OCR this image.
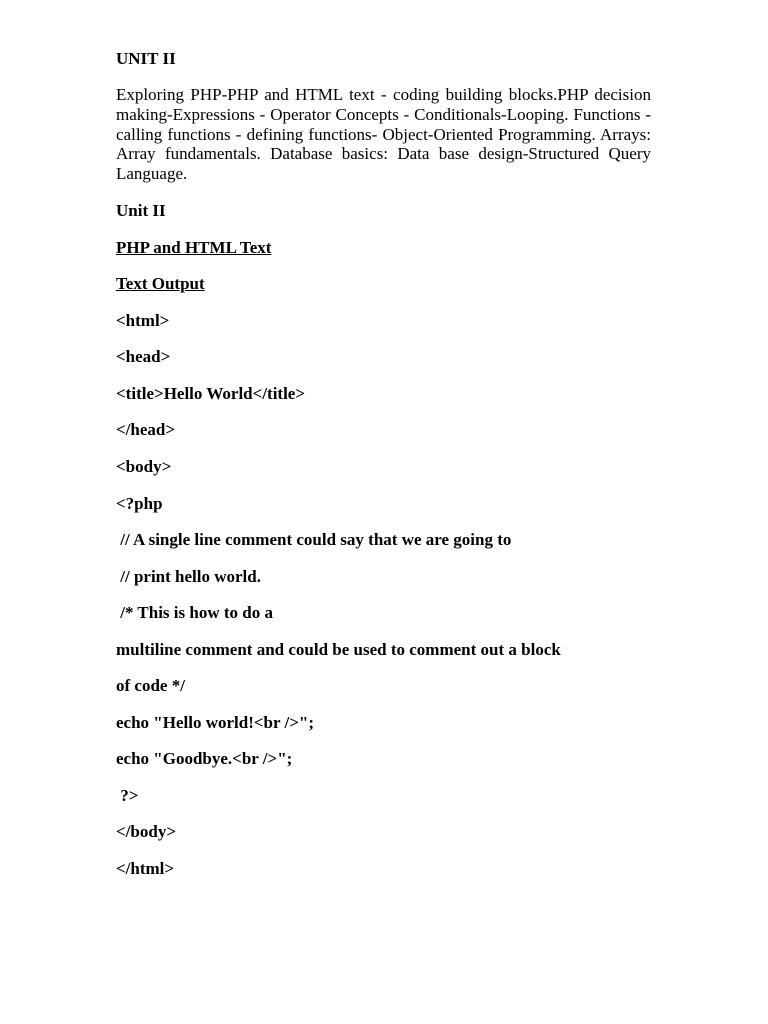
UNIT II

Exploring PHP-PHP and HTML text - coding building blocks.PHP decision making-Expressions - Operator Concepts - Conditionals-Looping. Functions - calling functions - defining functions- Object-Oriented Programming. Arrays: Array fundamentals. Database basics: Data base design-Structured Query Language.

Unit II

PHP and HTML Text

Text Output

<html>

<head>

<title>Hello World</title>

</head>

<body>

<?php

// A single line comment could say that we are going to

// print hello world.

/* This is how to do a

multiline comment and could be used to comment out a block

of code */

echo "Hello world!<br />";

echo "Goodbye.<br />";

?>

</body>

</html>
